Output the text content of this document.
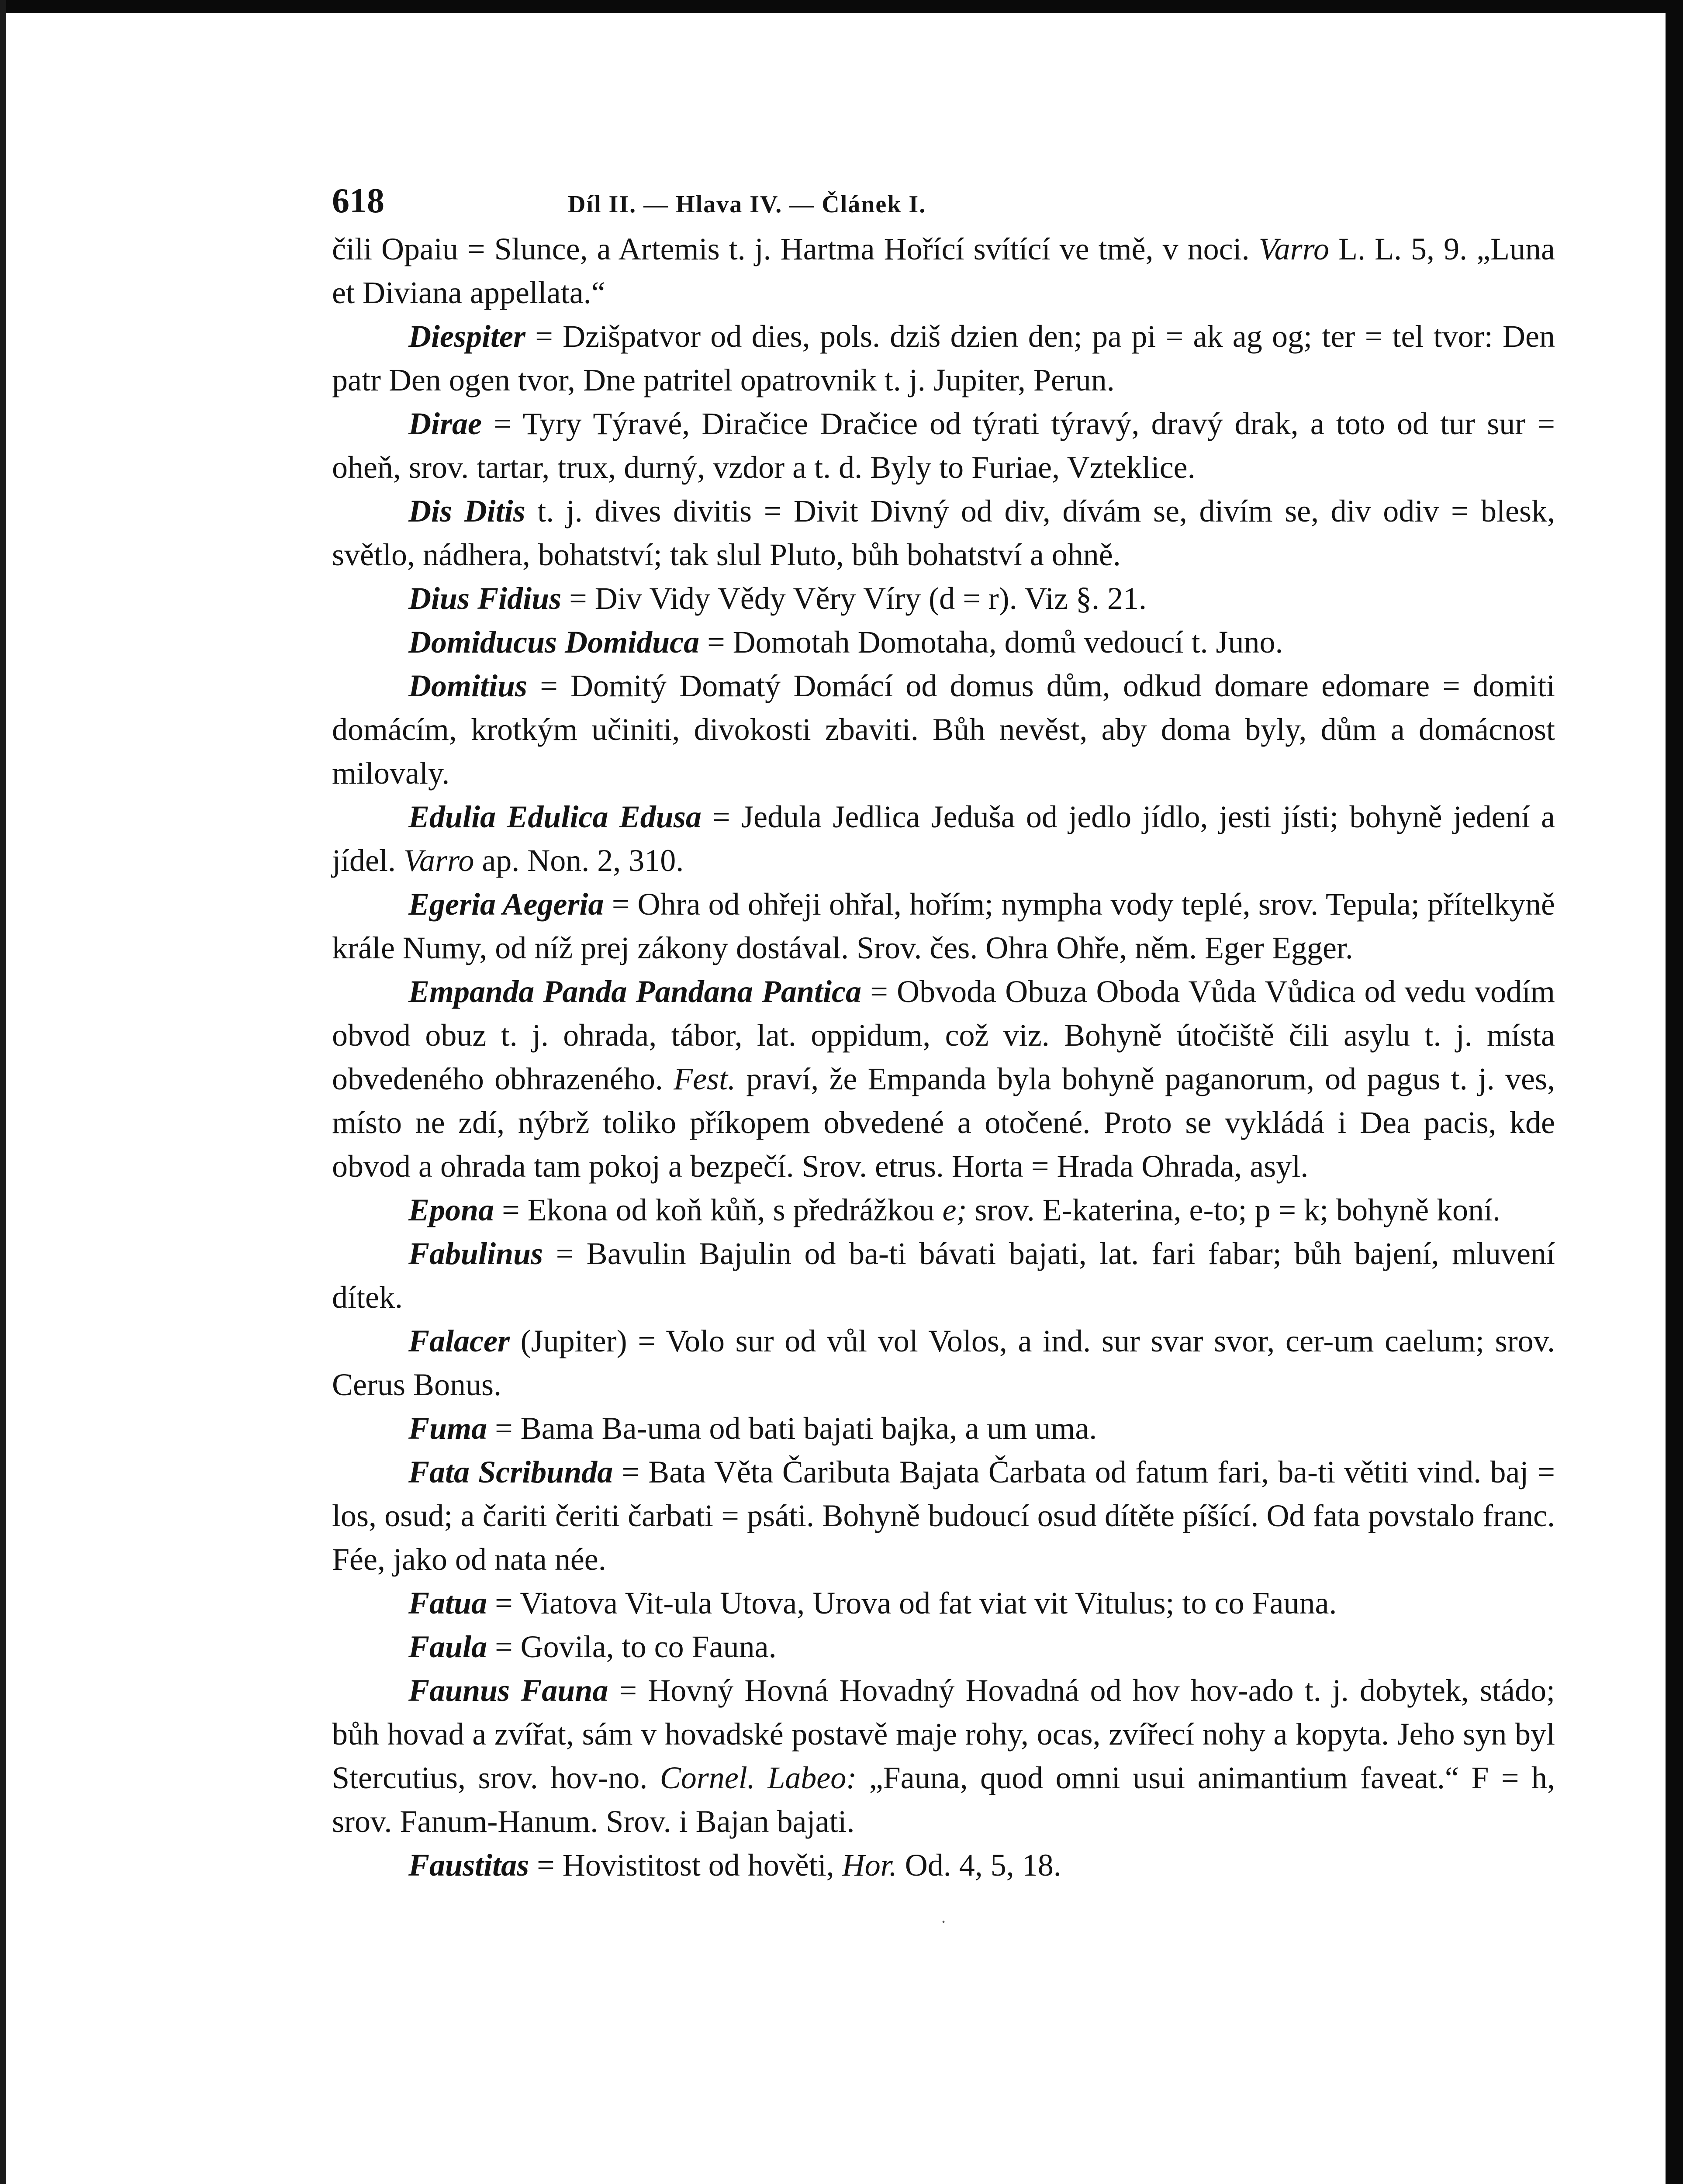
618	Díl II. — Hlava IV. — Článek I.

čili Opaiu = Slunce, a Artemis t. j. Hartma Hořící svítící ve tmě, v noci. Varro L. L. 5, 9. „Luna et Diviana appellata.“

Diespiter = Dzišpatvor od dies, pols. dziš dzien den; pa pi = ak ag og; ter = tel tvor: Den patr Den ogen tvor, Dne patritel opatrovnik t. j. Jupiter, Perun.

Dirae = Tyry Týravé, Diračice Dračice od týrati týravý, dravý drak, a toto od tur sur = oheň, srov. tartar, trux, durný, vzdor a t. d. Byly to Furiae, Vzteklice.

Dis Ditis t. j. dives divitis = Divit Divný od div, dívám se, divím se, div odiv = blesk, světlo, nádhera, bohatství; tak slul Pluto, bůh bohatství a ohně.

Dius Fidius = Div Vidy Vědy Věry Víry (d = r). Viz §. 21.

Domiducus Domiduca = Domotah Domotaha, domů vedoucí t. Juno.

Domitius = Domitý Domatý Domácí od domus dům, odkud domare edomare = domiti domácím, krotkým učiniti, divokosti zbaviti. Bůh nevěst, aby doma byly, dům a domácnost milovaly.

Edulia Edulica Edusa = Jedula Jedlica Jeduša od jedlo jídlo, jesti jísti; bohyně jedení a jídel. Varro ap. Non. 2, 310.

Egeria Aegeria = Ohra od ohřeji ohřal, hořím; nympha vody teplé, srov. Tepula; přítelkyně krále Numy, od níž prej zákony dostával. Srov. čes. Ohra Ohře, něm. Eger Egger.

Empanda Panda Pandana Pantica = Obvoda Obuza Oboda Vůda Vůdica od vedu vodím obvod obuz t. j. ohrada, tábor, lat. oppidum, což viz. Bohyně útočiště čili asylu t. j. místa obvedeného obhrazeného. Fest. praví, že Empanda byla bohyně paganorum, od pagus t. j. ves, místo ne zdí, nýbrž toliko příkopem obvedené a otočené. Proto se vykládá i Dea pacis, kde obvod a ohrada tam pokoj a bezpečí. Srov. etrus. Horta = Hrada Ohrada, asyl.

Epona = Ekona od koň kůň, s předrážkou e; srov. E-katerina, e-to; p = k; bohyně koní.

Fabulinus = Bavulin Bajulin od ba-ti bávati bajati, lat. fari fabar; bůh bajení, mluvení dítek.

Falacer (Jupiter) = Volo sur od vůl vol Volos, a ind. sur svar svor, cer-um caelum; srov. Cerus Bonus.

Fuma = Bama Ba-uma od bati bajati bajka, a um uma.

Fata Scribunda = Bata Věta Čaributa Bajata Čarbata od fatum fari, ba-ti větiti vind. baj = los, osud; a čariti čeriti čarbati = psáti. Bohyně budoucí osud dítěte píšící. Od fata povstalo franc. Fée, jako od nata née.

Fatua = Viatova Vit-ula Utova, Urova od fat viat vit Vitulus; to co Fauna.

Faula = Govila, to co Fauna.

Faunus Fauna = Hovný Hovná Hovadný Hovadná od hov hov-ado t. j. dobytek, stádo; bůh hovad a zvířat, sám v hovadské postavě maje rohy, ocas, zvířecí nohy a kopyta. Jeho syn byl Stercutius, srov. hov-no. Cornel. Labeo: „Fauna, quod omni usui animantium faveat.“ F = h, srov. Fanum-Hanum. Srov. i Bajan bajati.

Faustitas = Hovistitost od hověti, Hor. Od. 4, 5, 18.

·
